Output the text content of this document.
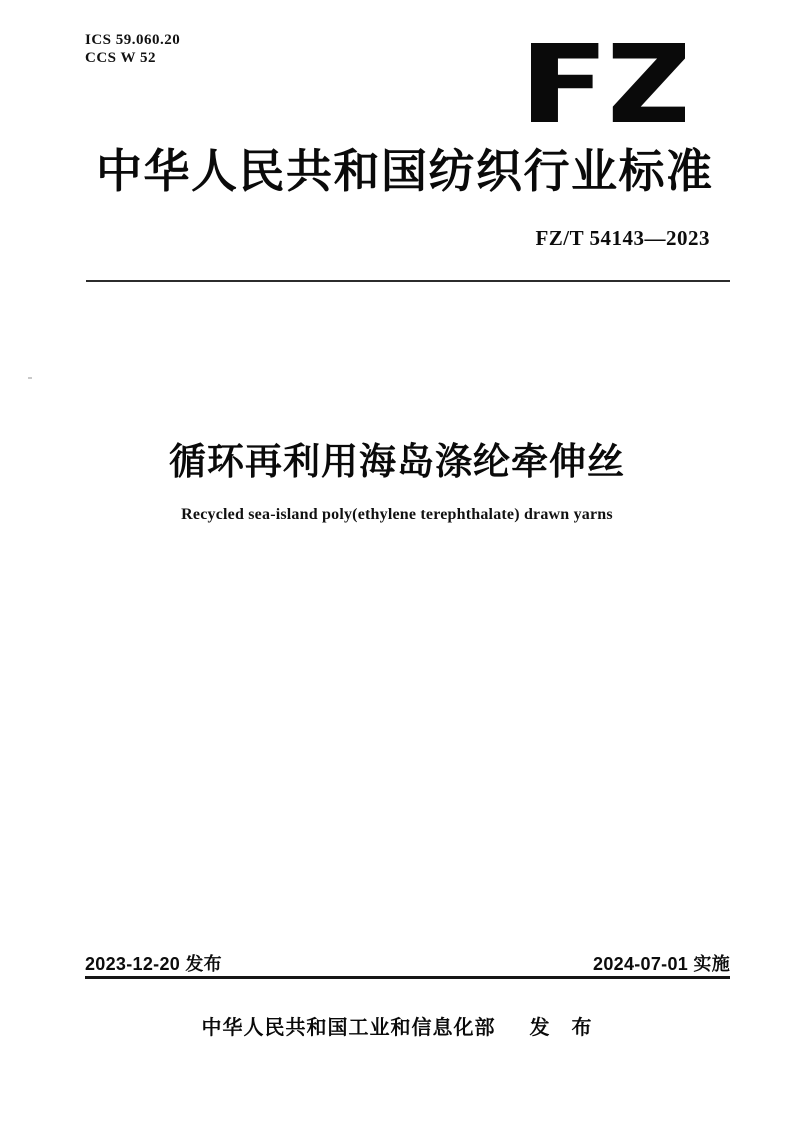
ICS 59.060.20
CCS W 52
中华人民共和国纺织行业标准
FZ/T 54143—2023
循环再利用海岛涤纶牵伸丝
Recycled sea-island poly(ethylene terephthalate) drawn yarns
2023-12-20 发布	2024-07-01 实施
中华人民共和国工业和信息化部 发　布
